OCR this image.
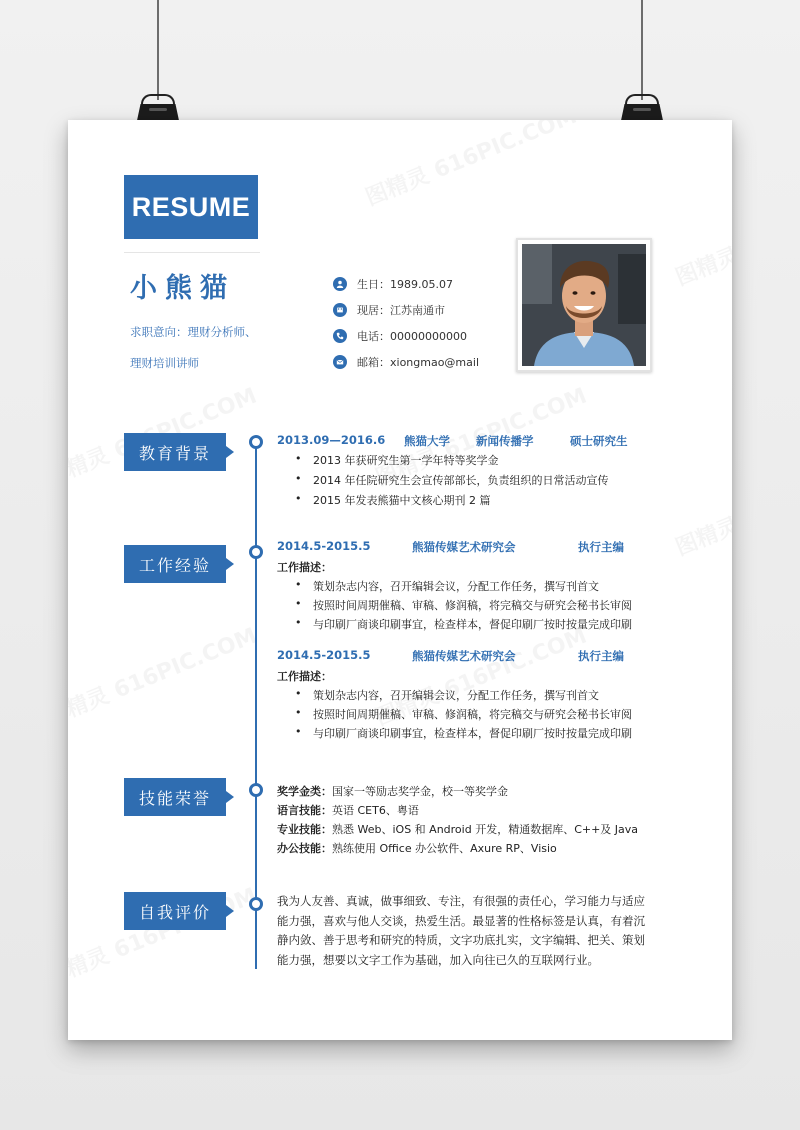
RESUME
小熊猫
求职意向：理财分析师、
理财培训讲师
生日： 1989.05.07
现居： 江苏南通市
电话： 00000000000
邮箱： xiongmao@mail
教育背景
工作经验
技能荣誉
自我评价
2013.09—2016.6 熊猫大学 新闻传播学	硕士研究生
• 2013 年获研究生第一学年特等奖学金
• 2014 年任院研究生会宣传部部长，负责组织的日常活动宣传
• 2015 年发表熊猫中文核心期刊 2 篇
2014.5-2015.5	熊猫传媒艺术研究会	执行主编
工作描述：
• 策划杂志内容，召开编辑会议，分配工作任务，撰写刊首文
• 按照时间周期催稿、审稿、修润稿，将完稿交与研究会秘书长审阅
• 与印刷厂商谈印刷事宜，检查样本，督促印刷厂按时按量完成印刷
2014.5-2015.5	熊猫传媒艺术研究会	执行主编
工作描述：
• 策划杂志内容，召开编辑会议，分配工作任务，撰写刊首文
• 按照时间周期催稿、审稿、修润稿，将完稿交与研究会秘书长审阅
• 与印刷厂商谈印刷事宜，检查样本，督促印刷厂按时按量完成印刷
奖学金类：国家一等励志奖学金，校一等奖学金
语言技能：英语 CET6、粤语
专业技能：熟悉 Web、iOS 和 Android 开发，精通数据库、C++及 Java
办公技能：熟练使用 Office 办公软件、Axure RP、Visio
我为人友善、真诚，做事细致、专注，有很强的责任心，学习能力与适应能力强，喜欢与他人交谈，热爱生活。最显著的性格标签是认真，有着沉静内敛、善于思考和研究的特质，文字功底扎实，文字编辑、把关、策划能力强，想要以文字工作为基础，加入向往已久的互联网行业。
